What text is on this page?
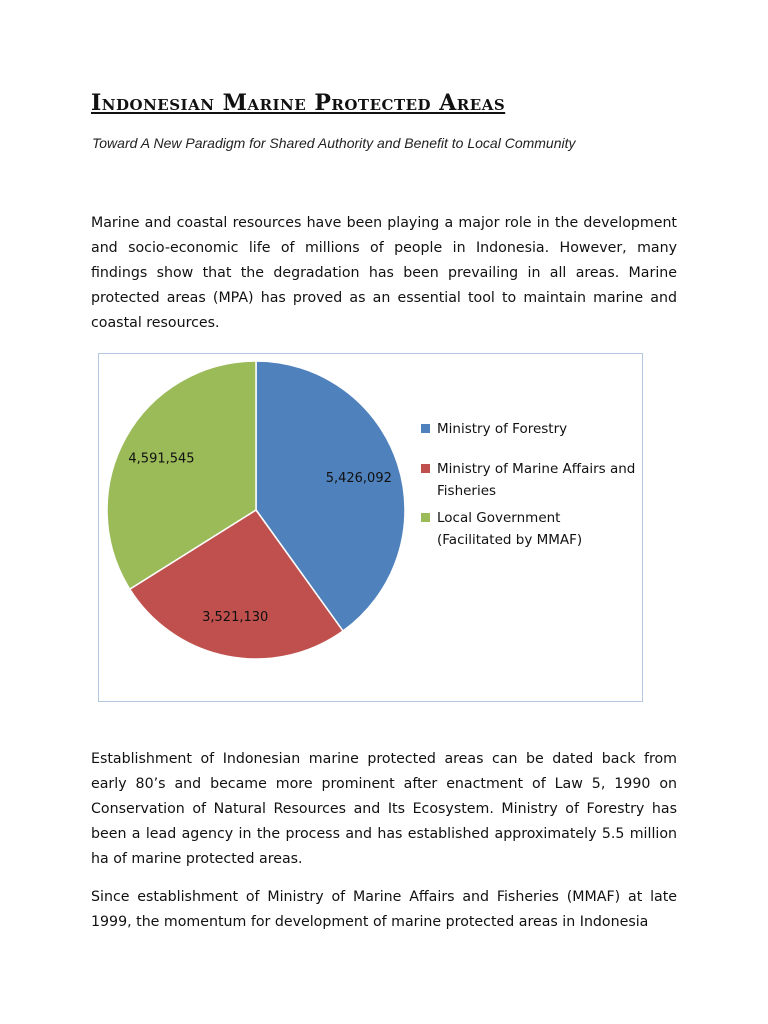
Indonesian Marine Protected Areas
Toward A New Paradigm for Shared Authority and Benefit to Local Community

Marine and coastal resources have been playing a major role in the development and socio-economic life of millions of people in Indonesia. However, many findings show that the degradation has been prevailing in all areas. Marine protected areas (MPA) has proved as an essential tool to maintain marine and coastal resources.

5,426,092
3,521,130
4,591,545
Ministry of Forestry
Ministry of Marine Affairs and Fisheries
Local Government (Facilitated by MMAF)

Establishment of Indonesian marine protected areas can be dated back from early 80’s and became more prominent after enactment of Law 5, 1990 on Conservation of Natural Resources and Its Ecosystem. Ministry of Forestry has been a lead agency in the process and has established approximately 5.5 million ha of marine protected areas.

Since establishment of Ministry of Marine Affairs and Fisheries (MMAF) at late 1999, the momentum for development of marine protected areas in Indonesia
